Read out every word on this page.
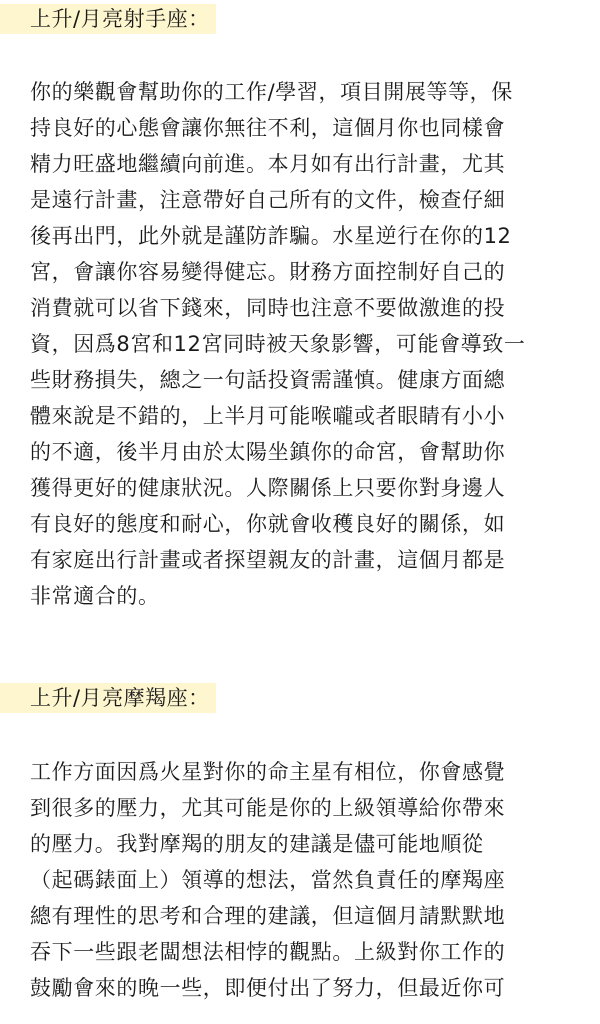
上升/月亮射手座：

你的樂觀會幫助你的工作/學習，項目開展等等，保
持良好的心態會讓你無往不利，這個月你也同樣會
精力旺盛地繼續向前進。本月如有出行計畫，尤其
是遠行計畫，注意帶好自己所有的文件，檢查仔細
後再出門，此外就是謹防詐騙。水星逆行在你的12
宮，會讓你容易變得健忘。財務方面控制好自己的
消費就可以省下錢來，同時也注意不要做激進的投
資，因爲8宮和12宮同時被天象影響，可能會導致一
些財務損失，總之一句話投資需謹慎。健康方面總
體來說是不錯的，上半月可能喉嚨或者眼睛有小小
的不適，後半月由於太陽坐鎮你的命宮，會幫助你
獲得更好的健康狀況。人際關係上只要你對身邊人
有良好的態度和耐心，你就會收穫良好的關係，如
有家庭出行計畫或者探望親友的計畫，這個月都是
非常適合的。

上升/月亮摩羯座：

工作方面因爲火星對你的命主星有相位，你會感覺
到很多的壓力，尤其可能是你的上級領導給你帶來
的壓力。我對摩羯的朋友的建議是儘可能地順從
（起碼錶面上）領導的想法，當然負責任的摩羯座
總有理性的思考和合理的建議，但這個月請默默地
吞下一些跟老闆想法相悖的觀點。上級對你工作的
鼓勵會來的晚一些，即便付出了努力，但最近你可
